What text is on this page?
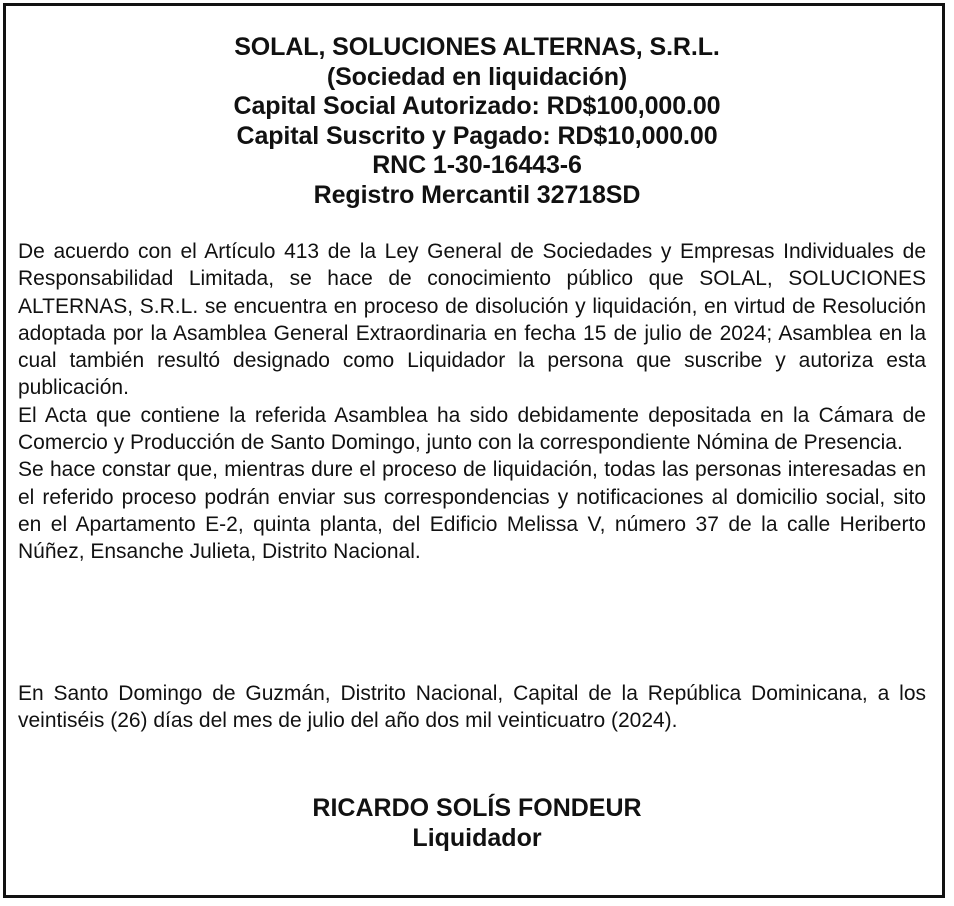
SOLAL, SOLUCIONES ALTERNAS, S.R.L.
(Sociedad en liquidación)
Capital Social Autorizado: RD$100,000.00
Capital Suscrito y Pagado: RD$10,000.00
RNC 1-30-16443-6
Registro Mercantil 32718SD

De acuerdo con el Artículo 413 de la Ley General de Sociedades y Empresas Individuales de Responsabilidad Limitada, se hace de conocimiento público que SOLAL, SOLUCIONES ALTERNAS, S.R.L. se encuentra en proceso de disolución y liquidación, en virtud de Resolución adoptada por la Asamblea General Extraordinaria en fecha 15 de julio de 2024; Asamblea en la cual también resultó designado como Liquidador la persona que suscribe y autoriza esta publicación.

El Acta que contiene la referida Asamblea ha sido debidamente depositada en la Cámara de Comercio y Producción de Santo Domingo, junto con la correspondiente Nómina de Presencia.

Se hace constar que, mientras dure el proceso de liquidación, todas las personas interesadas en el referido proceso podrán enviar sus correspondencias y notificaciones al domicilio social, sito en el Apartamento E-2, quinta planta, del Edificio Melissa V, número 37 de la calle Heriberto Núñez, Ensanche Julieta, Distrito Nacional.

En Santo Domingo de Guzmán, Distrito Nacional, Capital de la República Dominicana, a los veintiséis (26) días del mes de julio del año dos mil veinticuatro (2024).

RICARDO SOLÍS FONDEUR
Liquidador
